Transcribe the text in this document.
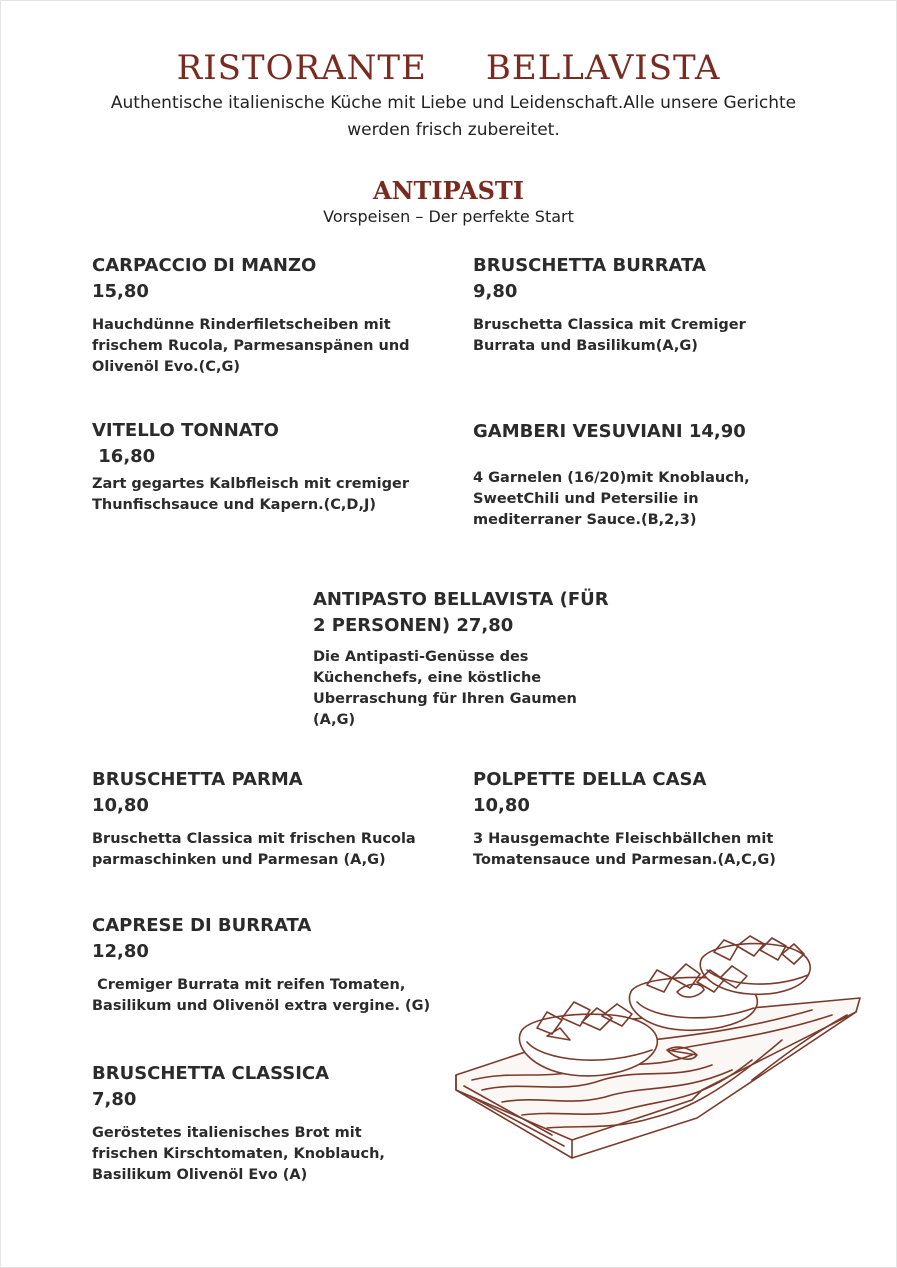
RISTORANTE     BELLAVISTA
Authentische italienische Küche mit Liebe und Leidenschaft.Alle unsere Gerichte werden frisch zubereitet.
ANTIPASTI
Vorspeisen – Der perfekte Start
CARPACCIO DI MANZO
15,80
Hauchdünne Rinderfiletscheiben mit frischem Rucola, Parmesanspänen und Olivenöl Evo.(C,G)
BRUSCHETTA BURRATA
9,80
Bruschetta Classica mit Cremiger Burrata und Basilikum(A,G)
VITELLO TONNATO
16,80
Zart gegartes Kalbfleisch mit cremiger Thunfischsauce und Kapern.(C,D,J)
GAMBERI VESUVIANI 14,90
4 Garnelen (16/20)mit Knoblauch, SweetChili und Petersilie in mediterraner Sauce.(B,2,3)
ANTIPASTO BELLAVISTA (FÜR 2 PERSONEN) 27,80
Die Antipasti-Genüsse des Küchenchefs, eine köstliche Uberraschung für Ihren Gaumen (A,G)
BRUSCHETTA PARMA
10,80
Bruschetta Classica mit frischen Rucola parmaschinken und Parmesan (A,G)
POLPETTE DELLA CASA
10,80
3 Hausgemachte Fleischbällchen mit Tomatensauce und Parmesan.(A,C,G)
CAPRESE DI BURRATA
12,80
Cremiger Burrata mit reifen Tomaten, Basilikum und Olivenöl extra vergine. (G)
BRUSCHETTA CLASSICA
7,80
Geröstetes italienisches Brot mit frischen Kirschtomaten, Knoblauch, Basilikum Olivenöl Evo (A)
